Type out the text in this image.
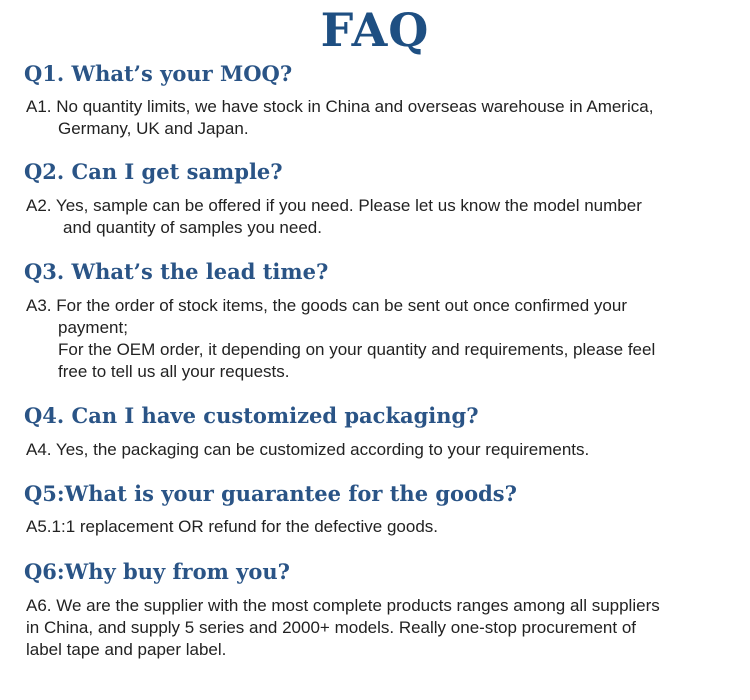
FAQ
Q1. What’s your MOQ?
A1. No quantity limits, we have stock in China and overseas warehouse in America,
Germany, UK and Japan.
Q2. Can I get sample?
A2. Yes, sample can be offered if you need. Please let us know the model number
and quantity of samples you need.
Q3. What’s the lead time?
A3. For the order of stock items, the goods can be sent out once confirmed your
payment;
For the OEM order, it depending on your quantity and requirements, please feel
free to tell us all your requests.
Q4. Can I have customized packaging?
A4. Yes, the packaging can be customized according to your requirements.
Q5:What is your guarantee for the goods?
A5.1:1 replacement OR refund for the defective goods.
Q6:Why buy from you?
A6. We are the supplier with the most complete products ranges among all suppliers
in China, and supply 5 series and 2000+ models. Really one-stop procurement of
label tape and paper label.
